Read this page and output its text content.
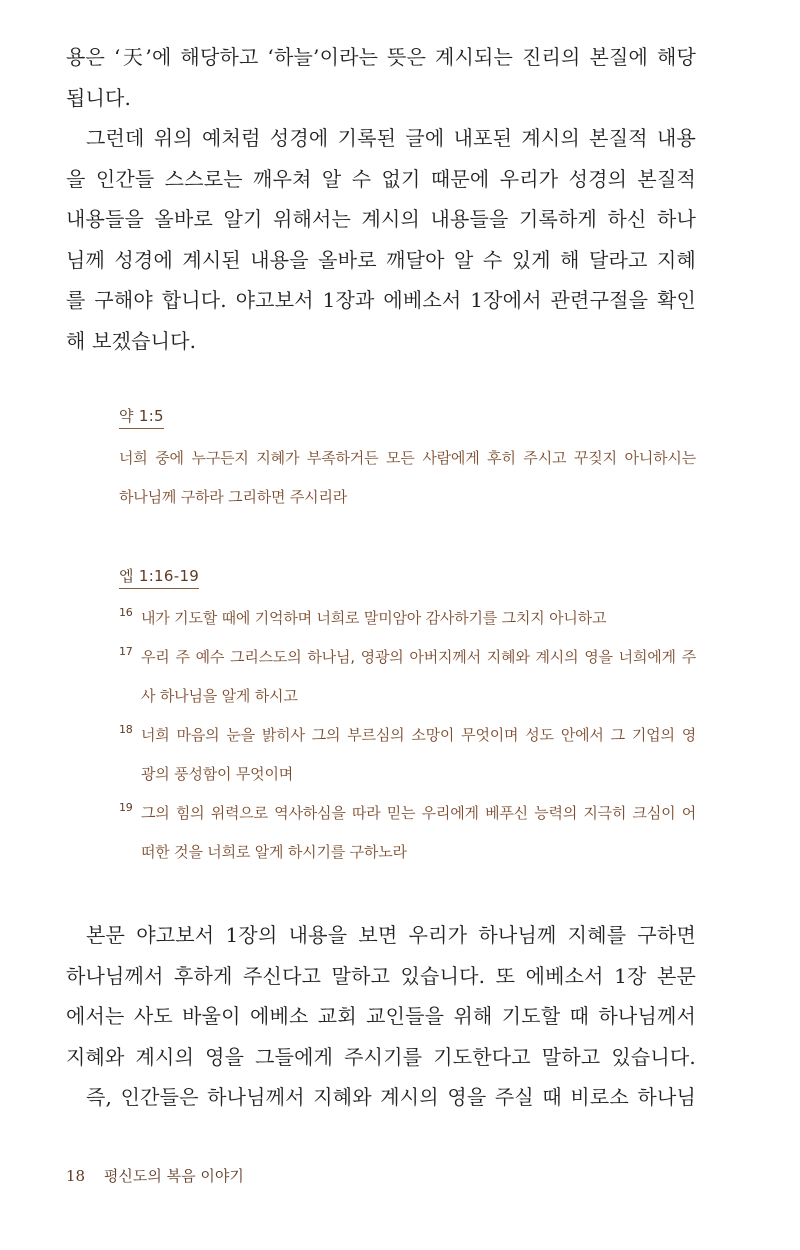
용은 ‘天’에 해당하고 ‘하늘’이라는 뜻은 계시되는 진리의 본질에 해당

됩니다.

그런데 위의 예처럼 성경에 기록된 글에 내포된 계시의 본질적 내용

을 인간들 스스로는 깨우쳐 알 수 없기 때문에 우리가 성경의 본질적

내용들을 올바로 알기 위해서는 계시의 내용들을 기록하게 하신 하나

님께 성경에 계시된 내용을 올바로 깨달아 알 수 있게 해 달라고 지혜

를 구해야 합니다. 야고보서 1장과 에베소서 1장에서 관련구절을 확인

해 보겠습니다.

약 1:5
너희 중에 누구든지 지혜가 부족하거든 모든 사람에게 후히 주시고 꾸짖지 아니하시는
하나님께 구하라 그리하면 주시리라
엡 1:16-19
16 내가 기도할 때에 기억하며 너희로 말미암아 감사하기를 그치지 아니하고
17 우리 주 예수 그리스도의 하나님, 영광의 아버지께서 지혜와 계시의 영을 너희에게 주
사 하나님을 알게 하시고
18 너희 마음의 눈을 밝히사 그의 부르심의 소망이 무엇이며 성도 안에서 그 기업의 영
광의 풍성함이 무엇이며
19 그의 힘의 위력으로 역사하심을 따라 믿는 우리에게 베푸신 능력의 지극히 크심이 어
떠한 것을 너희로 알게 하시기를 구하노라

본문 야고보서 1장의 내용을 보면 우리가 하나님께 지혜를 구하면

하나님께서 후하게 주신다고 말하고 있습니다. 또 에베소서 1장 본문

에서는 사도 바울이 에베소 교회 교인들을 위해 기도할 때 하나님께서

지혜와 계시의 영을 그들에게 주시기를 기도한다고 말하고 있습니다.

즉, 인간들은 하나님께서 지혜와 계시의 영을 주실 때 비로소 하나님

18 평신도의 복음 이야기
